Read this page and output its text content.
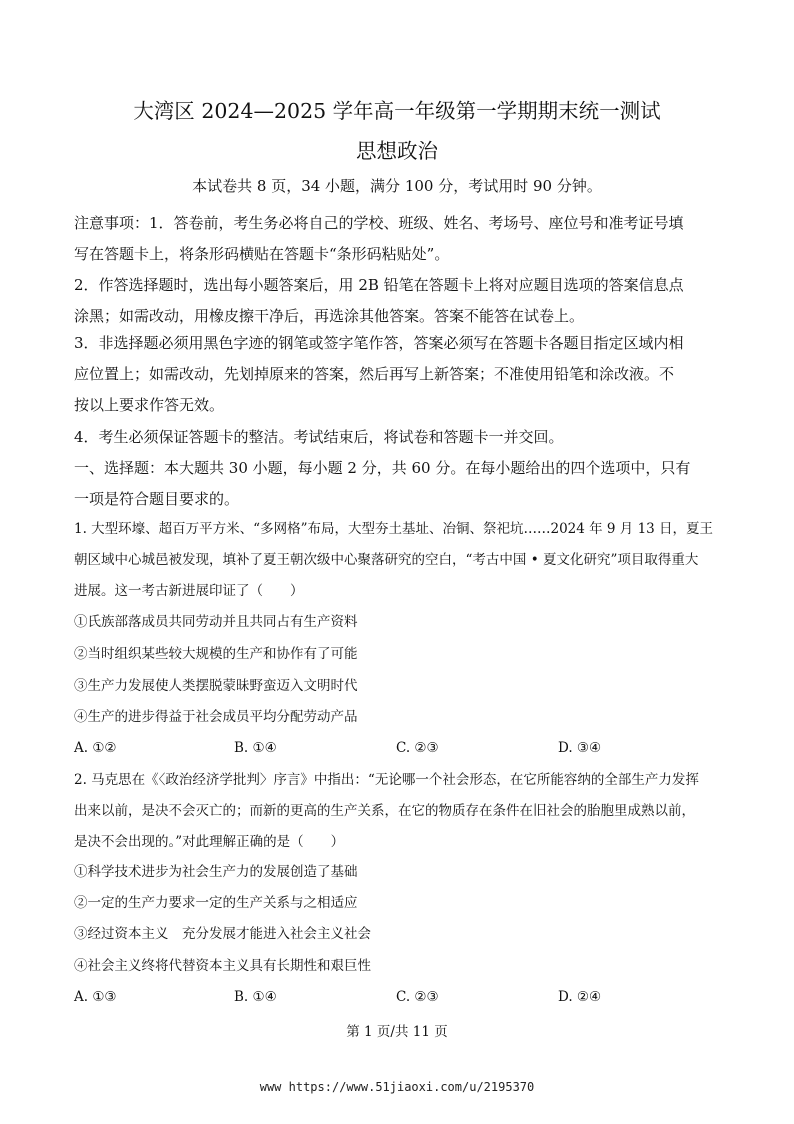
大湾区 2024—2025 学年高一年级第一学期期末统一测试
思想政治
本试卷共 8 页，34 小题，满分 100 分，考试用时 90 分钟。
注意事项：1．答卷前，考生务必将自己的学校、班级、姓名、考场号、座位号和准考证号填
写在答题卡上，将条形码横贴在答题卡“条形码粘贴处”。
2．作答选择题时，选出每小题答案后，用 2B 铅笔在答题卡上将对应题目选项的答案信息点
涂黑；如需改动，用橡皮擦干净后，再选涂其他答案。答案不能答在试卷上。
3．非选择题必须用黑色字迹的钢笔或签字笔作答，答案必须写在答题卡各题目指定区域内相
应位置上；如需改动，先划掉原来的答案，然后再写上新答案；不准使用铅笔和涂改液。不
按以上要求作答无效。
4．考生必须保证答题卡的整洁。考试结束后，将试卷和答题卡一并交回。
一、选择题：本大题共 30 小题，每小题 2 分，共 60 分。在每小题给出的四个选项中，只有
一项是符合题目要求的。
1. 大型环壕、超百万平方米、“多网格”布局，大型夯土基址、冶铜、祭祀坑……2024 年 9 月 13 日，夏王
朝区域中心城邑被发现，填补了夏王朝次级中心聚落研究的空白，“考古中国 • 夏文化研究”项目取得重大
进展。这一考古新进展印证了（　　）
①氏族部落成员共同劳动并且共同占有生产资料
②当时组织某些较大规模的生产和协作有了可能
③生产力发展使人类摆脱蒙昧野蛮迈入文明时代
④生产的进步得益于社会成员平均分配劳动产品
A. ①②	B. ①④	C. ②③	D. ③④
2. 马克思在《〈政治经济学批判〉序言》中指出：“无论哪一个社会形态，在它所能容纳的全部生产力发挥
出来以前，是决不会灭亡的；而新的更高的生产关系，在它的物质存在条件在旧社会的胎胞里成熟以前，
是决不会出现的。”对此理解正确的是（　　）
①科学技术进步为社会生产力的发展创造了基础
②一定的生产力要求一定的生产关系与之相适应
③经过资本主义　充分发展才能进入社会主义社会
④社会主义终将代替资本主义具有长期性和艰巨性
A. ①③	B. ①④	C. ②③	D. ②④
第 1 页/共 11 页
www https://www.51jiaoxi.com/u/2195370
